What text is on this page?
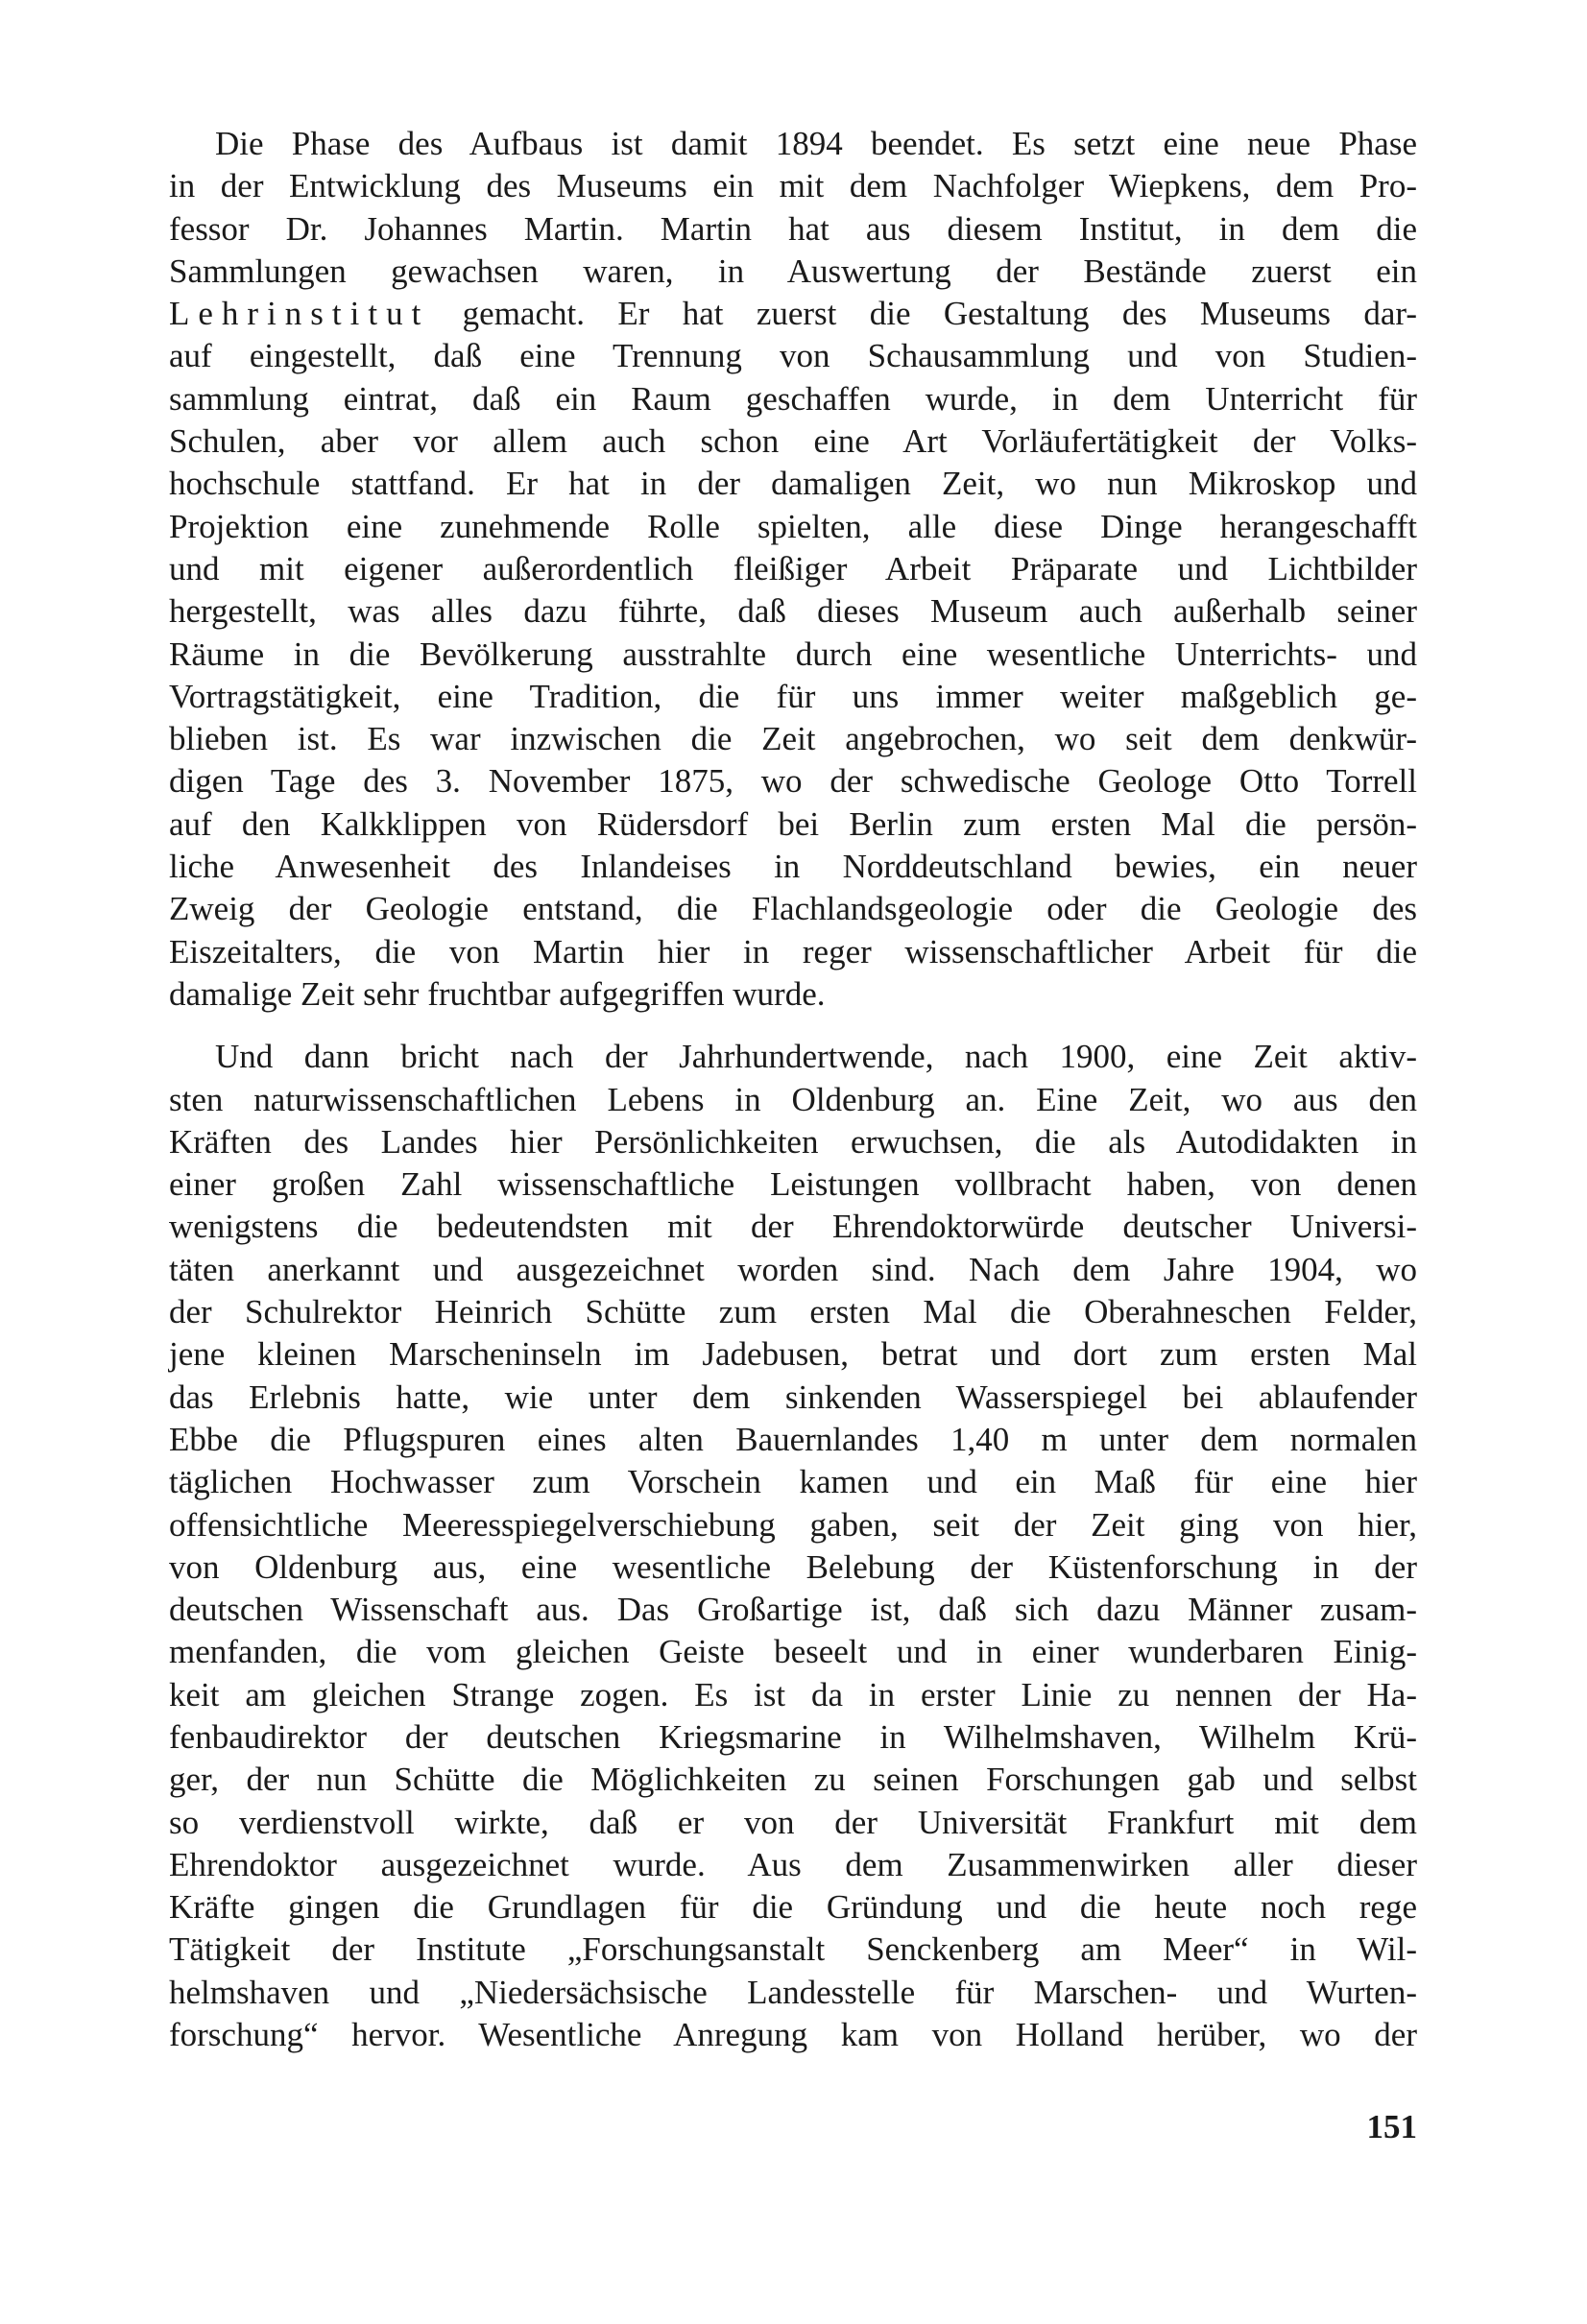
Die Phase des Aufbaus ist damit 1894 beendet. Es setzt eine neue Phase
in der Entwicklung des Museums ein mit dem Nachfolger Wiepkens, dem Pro-
fessor Dr. Johannes Martin. Martin hat aus diesem Institut, in dem die
Sammlungen gewachsen waren, in Auswertung der Bestände zuerst ein
Lehrinstitut gemacht. Er hat zuerst die Gestaltung des Museums dar-
auf eingestellt, daß eine Trennung von Schausammlung und von Studien-
sammlung eintrat, daß ein Raum geschaffen wurde, in dem Unterricht für
Schulen, aber vor allem auch schon eine Art Vorläufertätigkeit der Volks-
hochschule stattfand. Er hat in der damaligen Zeit, wo nun Mikroskop und
Projektion eine zunehmende Rolle spielten, alle diese Dinge herangeschafft
und mit eigener außerordentlich fleißiger Arbeit Präparate und Lichtbilder
hergestellt, was alles dazu führte, daß dieses Museum auch außerhalb seiner
Räume in die Bevölkerung ausstrahlte durch eine wesentliche Unterrichts- und
Vortragstätigkeit, eine Tradition, die für uns immer weiter maßgeblich ge-
blieben ist. Es war inzwischen die Zeit angebrochen, wo seit dem denkwür-
digen Tage des 3. November 1875, wo der schwedische Geologe Otto Torrell
auf den Kalkklippen von Rüdersdorf bei Berlin zum ersten Mal die persön-
liche Anwesenheit des Inlandeises in Norddeutschland bewies, ein neuer
Zweig der Geologie entstand, die Flachlandsgeologie oder die Geologie des
Eiszeitalters, die von Martin hier in reger wissenschaftlicher Arbeit für die
damalige Zeit sehr fruchtbar aufgegriffen wurde.
Und dann bricht nach der Jahrhundertwende, nach 1900, eine Zeit aktiv-
sten naturwissenschaftlichen Lebens in Oldenburg an. Eine Zeit, wo aus den
Kräften des Landes hier Persönlichkeiten erwuchsen, die als Autodidakten in
einer großen Zahl wissenschaftliche Leistungen vollbracht haben, von denen
wenigstens die bedeutendsten mit der Ehrendoktorwürde deutscher Universi-
täten anerkannt und ausgezeichnet worden sind. Nach dem Jahre 1904, wo
der Schulrektor Heinrich Schütte zum ersten Mal die Oberahneschen Felder,
jene kleinen Marscheninseln im Jadebusen, betrat und dort zum ersten Mal
das Erlebnis hatte, wie unter dem sinkenden Wasserspiegel bei ablaufender
Ebbe die Pflugspuren eines alten Bauernlandes 1,40 m unter dem normalen
täglichen Hochwasser zum Vorschein kamen und ein Maß für eine hier
offensichtliche Meeresspiegelverschiebung gaben, seit der Zeit ging von hier,
von Oldenburg aus, eine wesentliche Belebung der Küstenforschung in der
deutschen Wissenschaft aus. Das Großartige ist, daß sich dazu Männer zusam-
menfanden, die vom gleichen Geiste beseelt und in einer wunderbaren Einig-
keit am gleichen Strange zogen. Es ist da in erster Linie zu nennen der Ha-
fenbaudirektor der deutschen Kriegsmarine in Wilhelmshaven, Wilhelm Krü-
ger, der nun Schütte die Möglichkeiten zu seinen Forschungen gab und selbst
so verdienstvoll wirkte, daß er von der Universität Frankfurt mit dem
Ehrendoktor ausgezeichnet wurde. Aus dem Zusammenwirken aller dieser
Kräfte gingen die Grundlagen für die Gründung und die heute noch rege
Tätigkeit der Institute „Forschungsanstalt Senckenberg am Meer“ in Wil-
helmshaven und „Niedersächsische Landesstelle für Marschen- und Wurten-
forschung“ hervor. Wesentliche Anregung kam von Holland herüber, wo der
151
